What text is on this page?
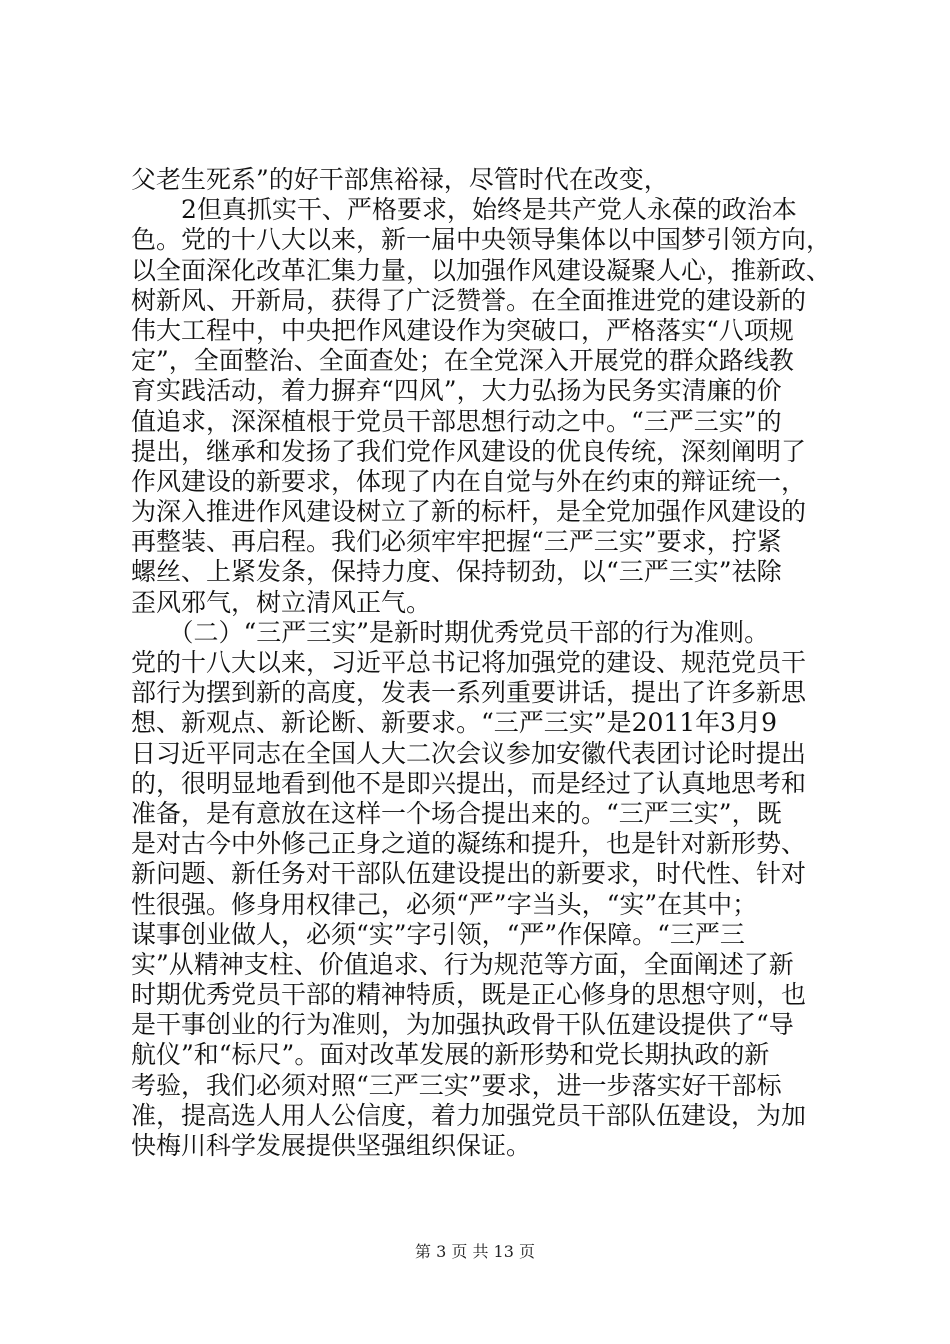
父老生死系”的好干部焦裕禄，尽管时代在改变，
　　2但真抓实干、严格要求，始终是共产党人永葆的政治本
色。党的十八大以来，新一届中央领导集体以中国梦引领方向，
以全面深化改革汇集力量，以加强作风建设凝聚人心，推新政、
树新风、开新局，获得了广泛赞誉。在全面推进党的建设新的
伟大工程中，中央把作风建设作为突破口，严格落实“八项规
定”，全面整治、全面查处；在全党深入开展党的群众路线教
育实践活动，着力摒弃“四风”，大力弘扬为民务实清廉的价
值追求，深深植根于党员干部思想行动之中。“三严三实”的
提出，继承和发扬了我们党作风建设的优良传统，深刻阐明了
作风建设的新要求，体现了内在自觉与外在约束的辩证统一，
为深入推进作风建设树立了新的标杆，是全党加强作风建设的
再整装、再启程。我们必须牢牢把握“三严三实”要求，拧紧
螺丝、上紧发条，保持力度、保持韧劲，以“三严三实”祛除
歪风邪气，树立清风正气。
　　（二）“三严三实”是新时期优秀党员干部的行为准则。
党的十八大以来，习近平总书记将加强党的建设、规范党员干
部行为摆到新的高度，发表一系列重要讲话，提出了许多新思
想、新观点、新论断、新要求。“三严三实”是2011年3月9
日习近平同志在全国人大二次会议参加安徽代表团讨论时提出
的，很明显地看到他不是即兴提出，而是经过了认真地思考和
准备，是有意放在这样一个场合提出来的。“三严三实”，既
是对古今中外修己正身之道的凝练和提升，也是针对新形势、
新问题、新任务对干部队伍建设提出的新要求，时代性、针对
性很强。修身用权律己，必须“严”字当头，“实”在其中；
谋事创业做人，必须“实”字引领，“严”作保障。“三严三
实”从精神支柱、价值追求、行为规范等方面，全面阐述了新
时期优秀党员干部的精神特质，既是正心修身的思想守则，也
是干事创业的行为准则，为加强执政骨干队伍建设提供了“导
航仪”和“标尺”。面对改革发展的新形势和党长期执政的新
考验，我们必须对照“三严三实”要求，进一步落实好干部标
准，提高选人用人公信度，着力加强党员干部队伍建设，为加
快梅川科学发展提供坚强组织保证。
第 3 页 共 13 页
